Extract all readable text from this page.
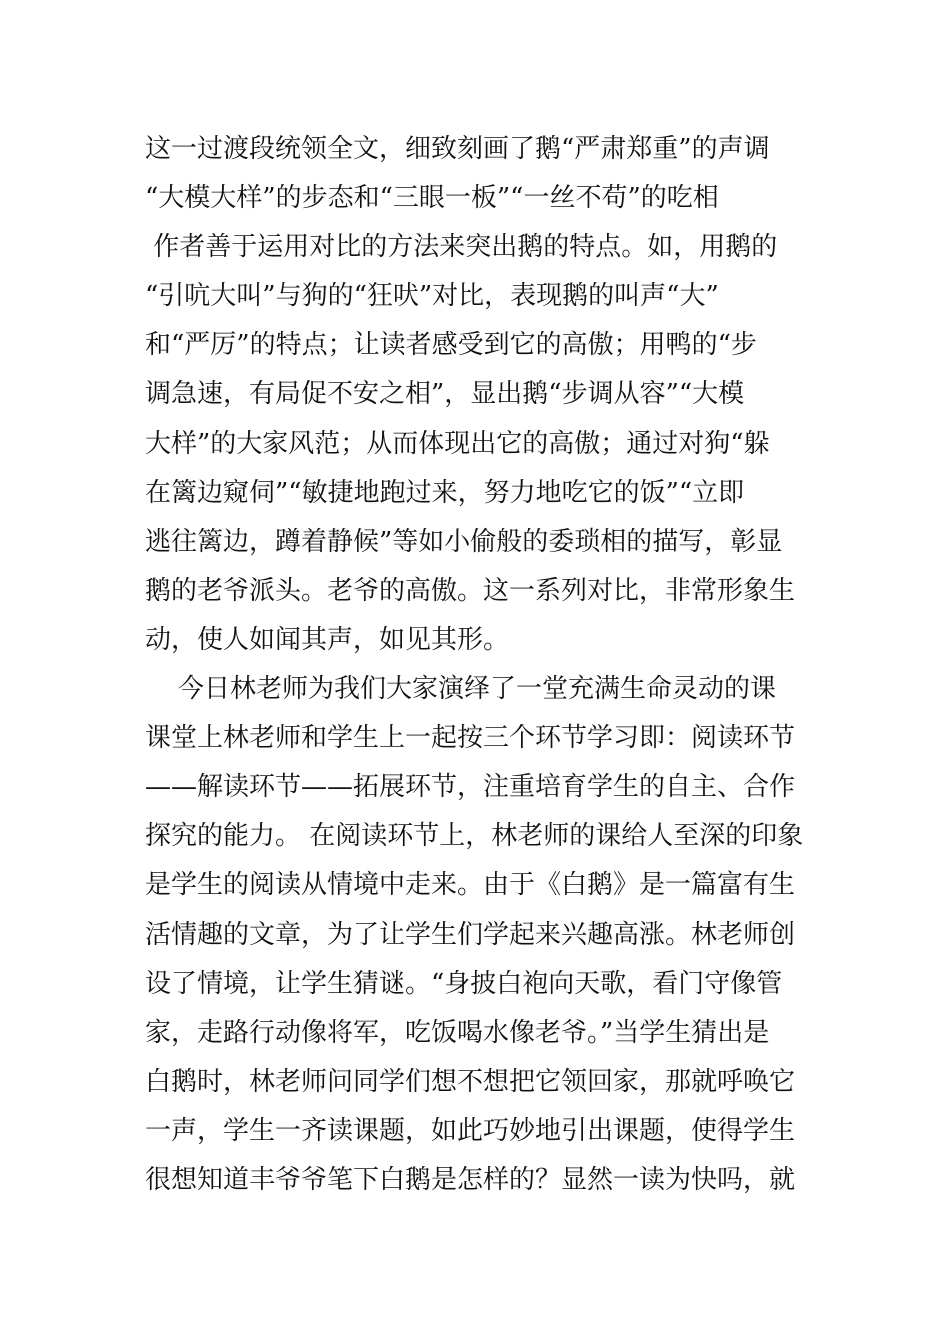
这一过渡段统领全文，细致刻画了鹅“严肃郑重”的声调
“大模大样”的步态和“三眼一板”“一丝不苟”的吃相
作者善于运用对比的方法来突出鹅的特点。如，用鹅的
“引吭大叫”与狗的“狂吠”对比，表现鹅的叫声“大”
和“严厉”的特点；让读者感受到它的高傲；用鸭的“步
调急速，有局促不安之相”，显出鹅“步调从容”“大模
大样”的大家风范；从而体现出它的高傲；通过对狗“躲
在篱边窥伺”“敏捷地跑过来，努力地吃它的饭”“立即
逃往篱边，蹲着静候”等如小偷般的委琐相的描写，彰显
鹅的老爷派头。老爷的高傲。这一系列对比，非常形象生
动，使人如闻其声，如见其形。
今日林老师为我们大家演绎了一堂充满生命灵动的课
课堂上林老师和学生上一起按三个环节学习即：阅读环节
——解读环节——拓展环节，注重培育学生的自主、合作
探究的能力。 在阅读环节上，林老师的课给人至深的印象
是学生的阅读从情境中走来。由于《白鹅》是一篇富有生
活情趣的文章，为了让学生们学起来兴趣高涨。林老师创
设了情境，让学生猜谜。“身披白袍向天歌，看门守像管
家，走路行动像将军，吃饭喝水像老爷。”当学生猜出是
白鹅时，林老师问同学们想不想把它领回家，那就呼唤它
一声，学生一齐读课题，如此巧妙地引出课题，使得学生
很想知道丰爷爷笔下白鹅是怎样的？显然一读为快吗，就
